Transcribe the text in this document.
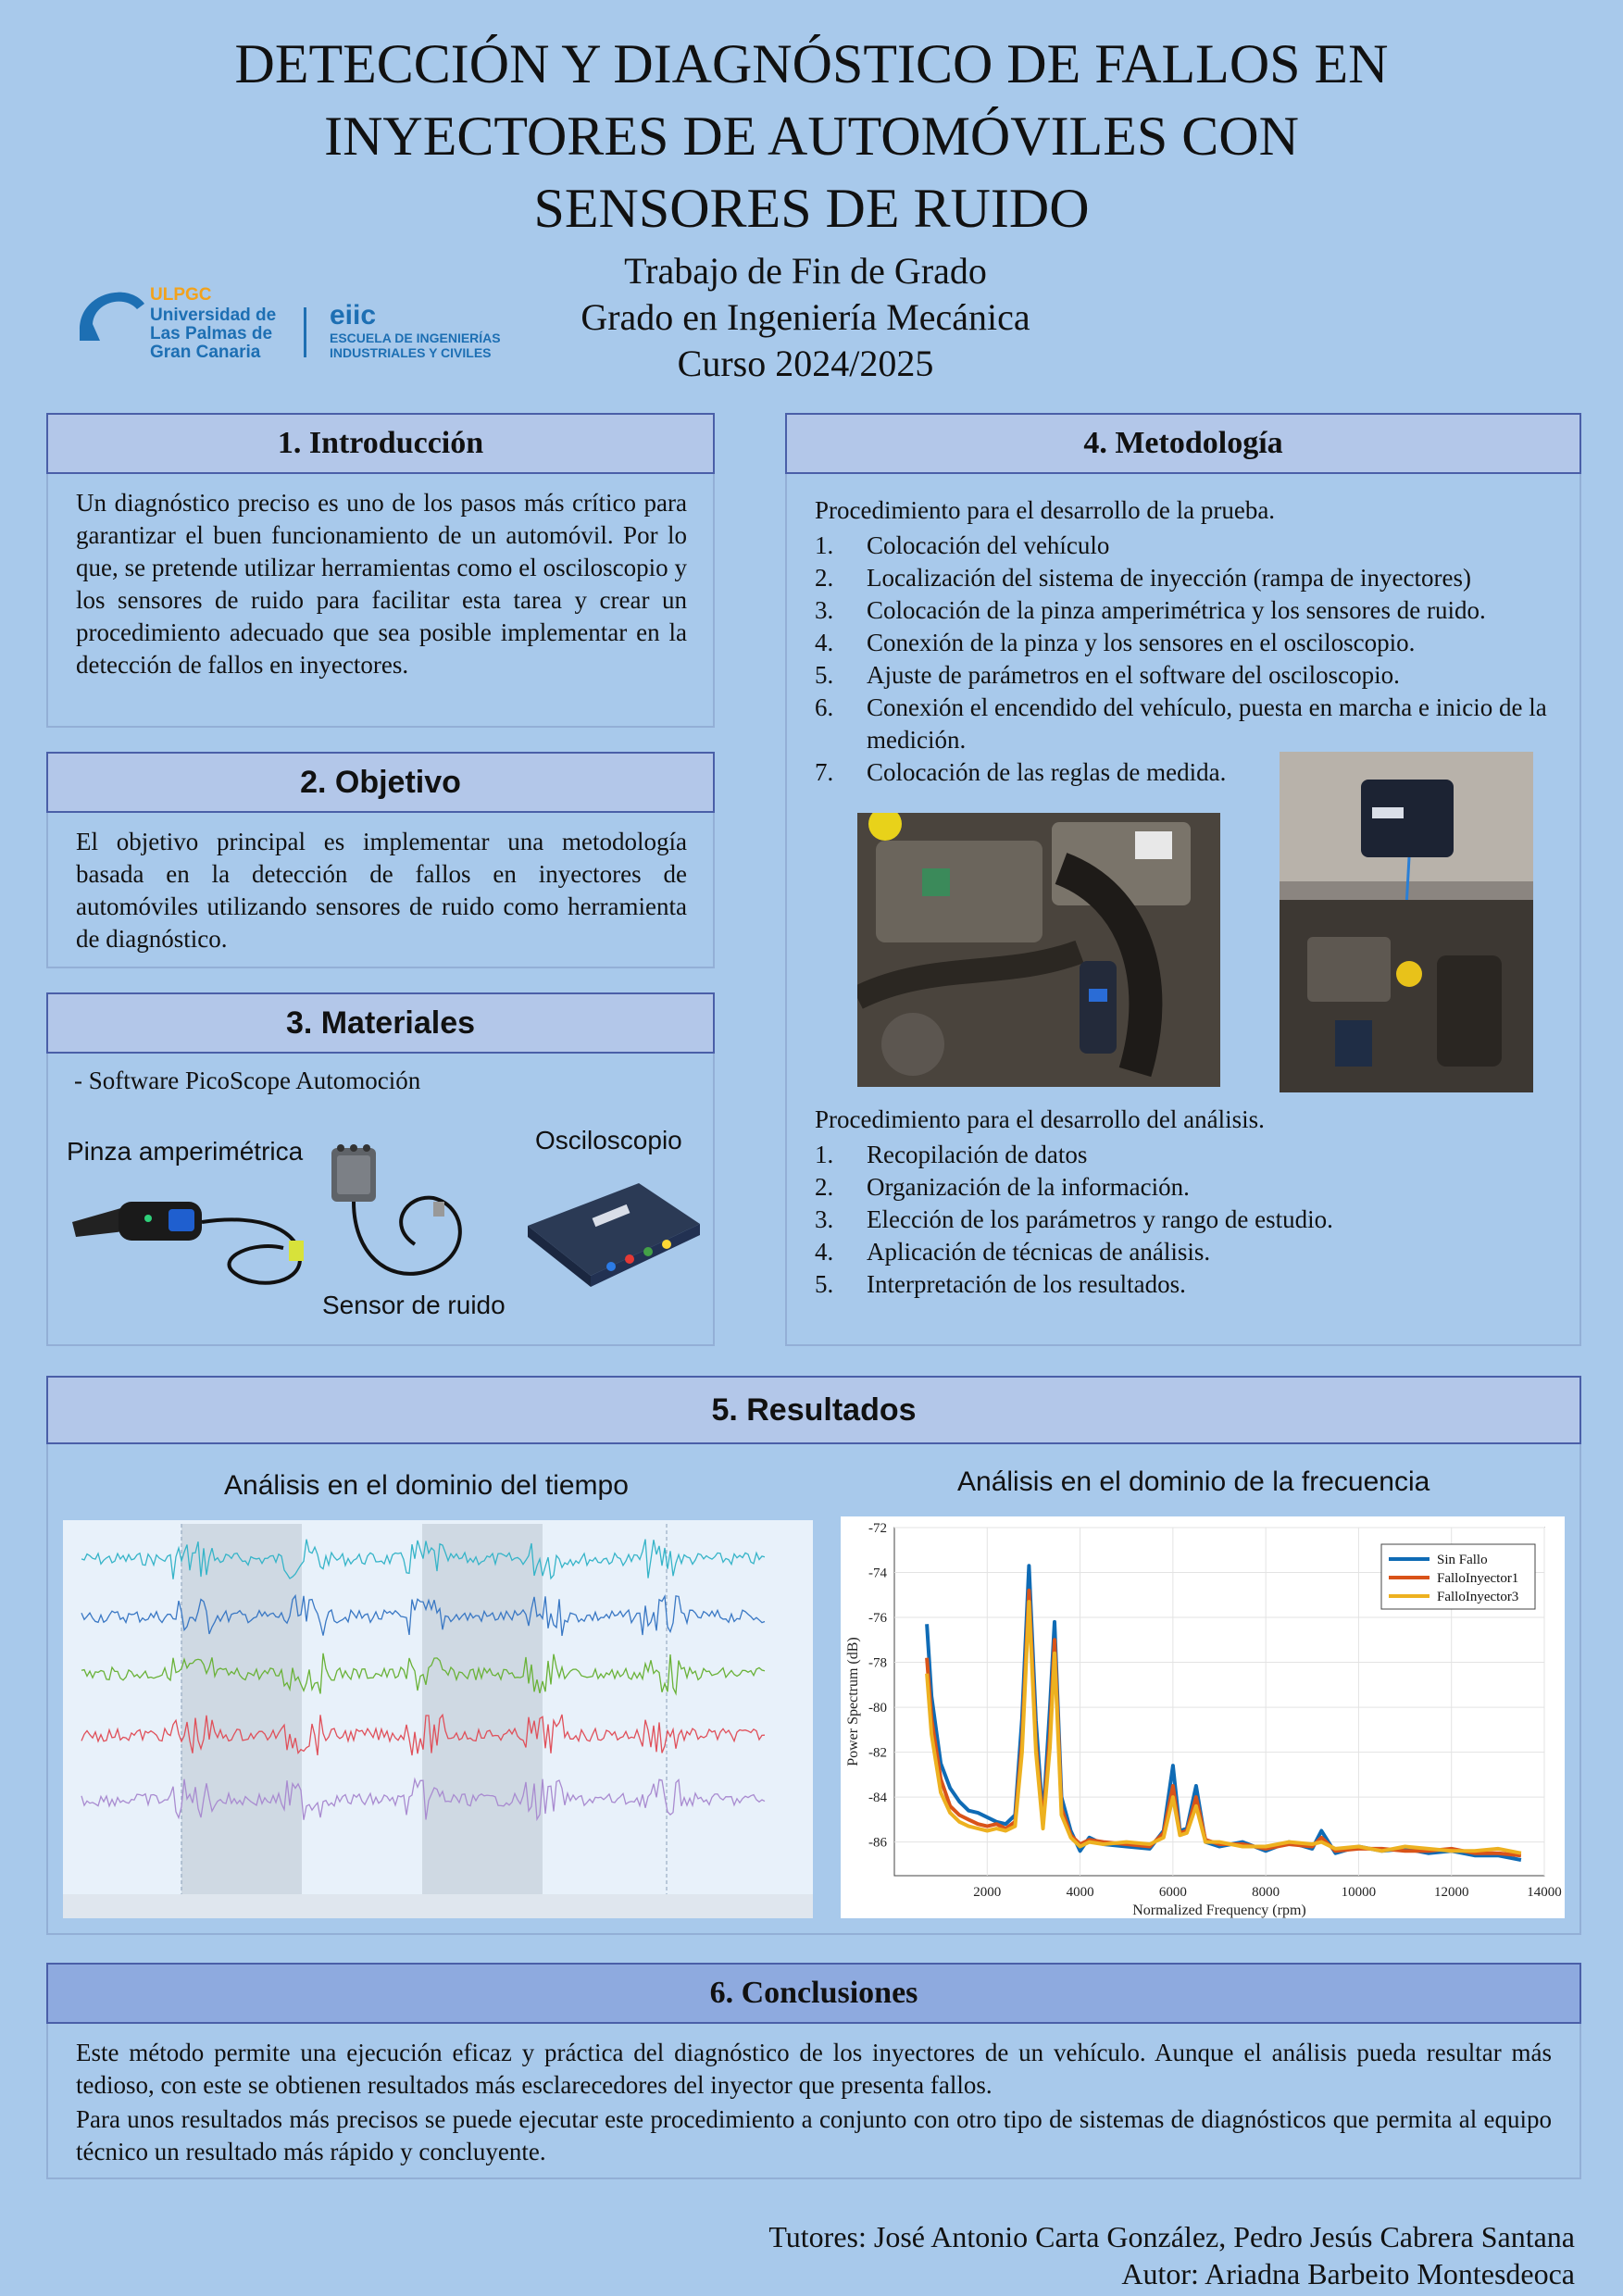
DETECCIÓN Y DIAGNÓSTICO DE FALLOS EN
INYECTORES DE AUTOMÓVILES CON
SENSORES DE RUIDO
ULPGC
Universidad de
Las Palmas de
Gran Canaria
eiic
ESCUELA DE INGENIERÍAS
INDUSTRIALES Y CIVILES
Trabajo de Fin de Grado
Grado en Ingeniería Mecánica
Curso 2024/2025
1. Introducción
Un diagnóstico preciso es uno de los pasos más crítico para garantizar el buen funcionamiento de un automóvil. Por lo que, se pretende utilizar herramientas como el osciloscopio y los sensores de ruido para facilitar esta tarea y crear un procedimiento adecuado que sea posible implementar en la detección de fallos en inyectores.
2. Objetivo
El objetivo principal es implementar una metodología basada en la detección de fallos en inyectores de automóviles utilizando sensores de ruido como herramienta de diagnóstico.
3. Materiales
- Software PicoScope Automoción
Pinza amperimétrica	Osciloscopio
Sensor de ruido
4. Metodología
Procedimiento para el desarrollo de la prueba.
1. Colocación del vehículo
2. Localización del sistema de inyección (rampa de inyectores)
3. Colocación de la pinza amperimétrica y los sensores de ruido.
4. Conexión de la pinza y los sensores en el osciloscopio.
5. Ajuste de parámetros en el software del osciloscopio.
6. Conexión el encendido del vehículo, puesta en marcha e inicio de la medición.
7. Colocación de las reglas de medida.
Procedimiento para el desarrollo del análisis.
1. Recopilación de datos
2. Organización de la información.
3. Elección de los parámetros y rango de estudio.
4. Aplicación de técnicas de análisis.
5. Interpretación de los resultados.
5. Resultados
Análisis en el dominio del tiempo	Análisis en el dominio de la frecuencia
2000	4000	6000	8000	10000	12000	14000
-72
-74
-76
-78
-80
-82
-84
-86
Normalized Frequency (rpm)
Power Spectrum (dB)
Sin Fallo
FalloInyector1
FalloInyector3
6. Conclusiones
Este método permite una ejecución eficaz y práctica del diagnóstico de los inyectores de un vehículo. Aunque el análisis pueda resultar más tedioso, con este se obtienen resultados más esclarecedores del inyector que presenta fallos.
Para unos resultados más precisos se puede ejecutar este procedimiento a conjunto con otro tipo de sistemas de diagnósticos que permita al equipo técnico un resultado más rápido y concluyente.
Tutores: José Antonio Carta González, Pedro Jesús Cabrera Santana
Autor: Ariadna Barbeito Montesdeoca
